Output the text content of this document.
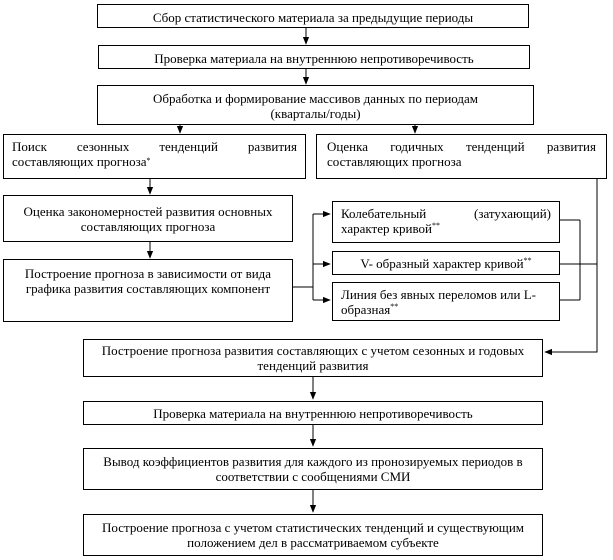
Сбор статистического материала за предыдущие периоды
Проверка материала на внутреннюю непротиворечивость
Обработка и формирование массивов данных по периодам
(кварталы/годы)
Поиск сезонных тенденций развития составляющих прогноза*
Оценка годичных тенденций развития составляющих прогноза
Оценка закономерностей развития основных составляющих прогноза
Построение прогноза в зависимости от вида графика развития составляющих компонент
Колебательный (затухающий) характер кривой**
V- образный характер кривой**
Линия без явных переломов или L- образная**
Построение прогноза развития составляющих с учетом сезонных и годовых тенденций развития
Проверка материала на внутреннюю непротиворечивость
Вывод коэффициентов развития для каждого из пронозируемых периодов в соответствии с сообщениями СМИ
Построение прогноза с учетом статистических тенденций и существующим положением дел в рассматриваемом субъекте
